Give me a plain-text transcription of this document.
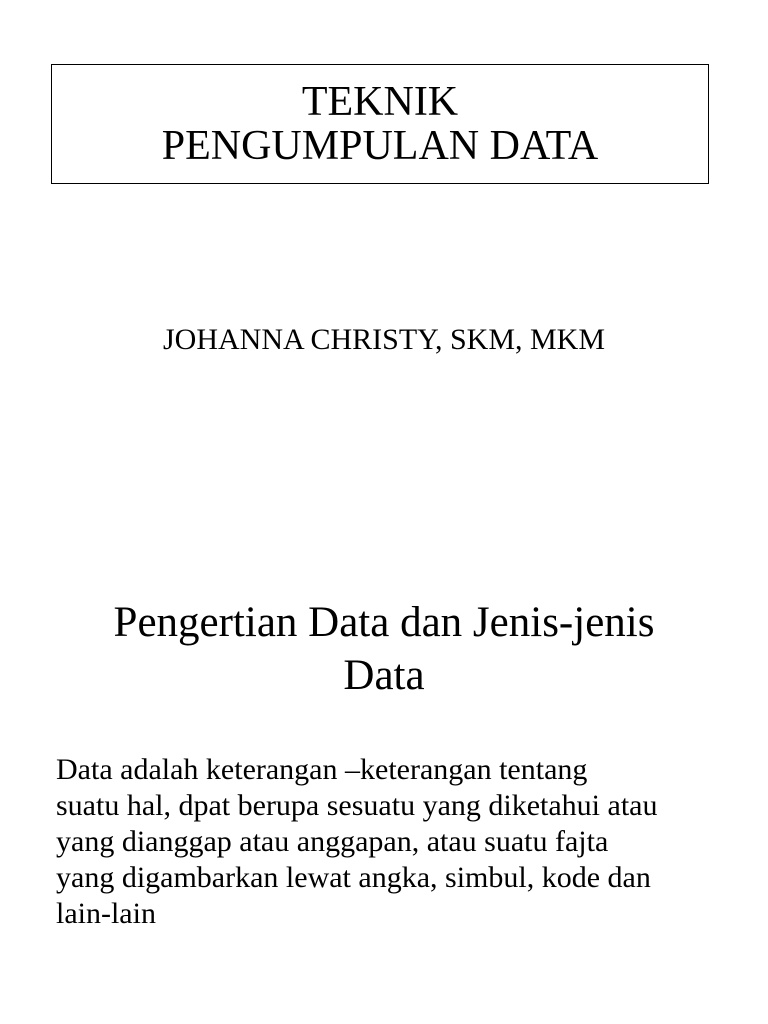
TEKNIK
PENGUMPULAN DATA
JOHANNA CHRISTY, SKM, MKM
Pengertian Data dan Jenis-jenis
Data
Data adalah keterangan –keterangan tentang
suatu hal, dpat berupa sesuatu yang diketahui atau
yang dianggap atau anggapan, atau suatu fajta
yang digambarkan lewat angka, simbul, kode dan
lain-lain
